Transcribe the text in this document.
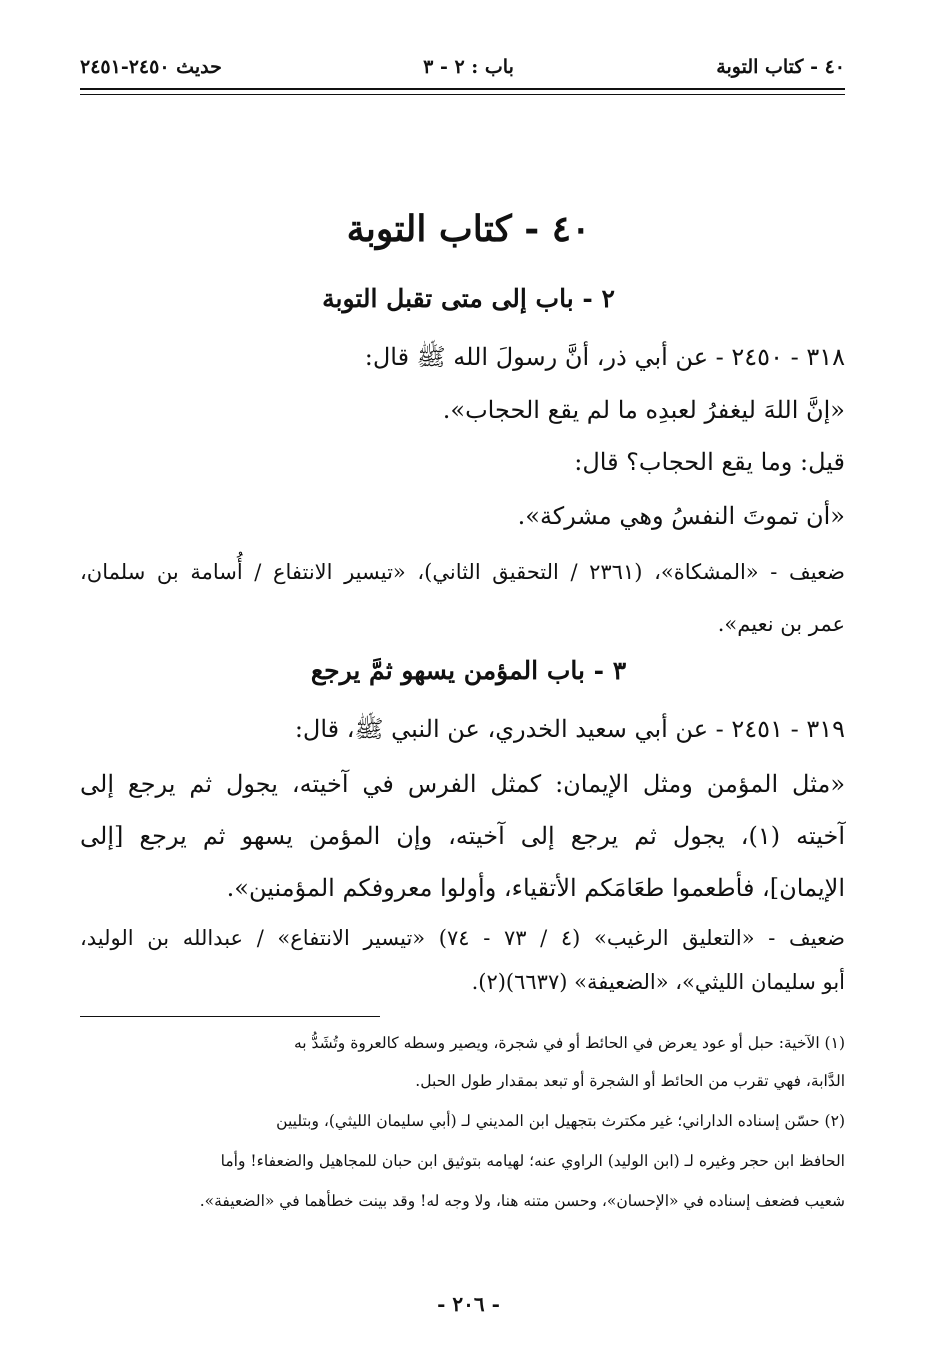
٤٠ - كتاب التوبة
باب : ٢ - ٣
حديث ٢٤٥٠-٢٤٥١
٤٠ - كتاب التوبة
٢ - باب إلى متى تقبل التوبة
٣١٨ - ٢٤٥٠ - عن أبي ذر، أنَّ رسولَ الله ﷺ قال:
«إنَّ اللهَ ليغفرُ لعبدِه ما لم يقع الحجاب».
قيل: وما يقع الحجاب؟ قال:
«أن تموتَ النفسُ وهي مشركة».
ضعيف - «المشكاة»، (٢٣٦١ / التحقيق الثاني)، «تيسير الانتفاع / أُسامة بن سلمان،
عمر بن نعيم».
٣ - باب المؤمن يسهو ثمَّ يرجع
٣١٩ - ٢٤٥١ - عن أبي سعيد الخدري، عن النبي ﷺ، قال:
«مثل المؤمن ومثل الإيمان: كمثل الفرس في آخيته، يجول ثم يرجع إلى
آخيته (١)، يجول ثم يرجع إلى آخيته، وإن المؤمن يسهو ثم يرجع [إلى
الإيمان]، فأطعموا طعَامَكم الأتقياء، وأولوا معروفكم المؤمنين».
ضعيف - «التعليق الرغيب» (٤ / ٧٣ - ٧٤) «تيسير الانتفاع» / عبدالله بن الوليد،
أبو سليمان الليثي»، «الضعيفة» (٦٦٣٧)(٢).
(١) الآخية: حبل أو عود يعرض في الحائط أو في شجرة، ويصير وسطه كالعروة وتُشَدُّ به
الدَّابة، فهي تقرب من الحائط أو الشجرة أو تبعد بمقدار طول الحبل.
(٢) حسّن إسناده الداراني؛ غير مكترث بتجهيل ابن المديني لـ (أبي سليمان الليثي)، وبتليين
الحافظ ابن حجر وغيره لـ (ابن الوليد) الراوي عنه؛ لهيامه بتوثيق ابن حبان للمجاهيل والضعفاء! وأما
شعيب فضعف إسناده في «الإحسان»، وحسن متنه هنا، ولا وجه له! وقد بينت خطأهما في «الضعيفة».
- ٢٠٦ -
